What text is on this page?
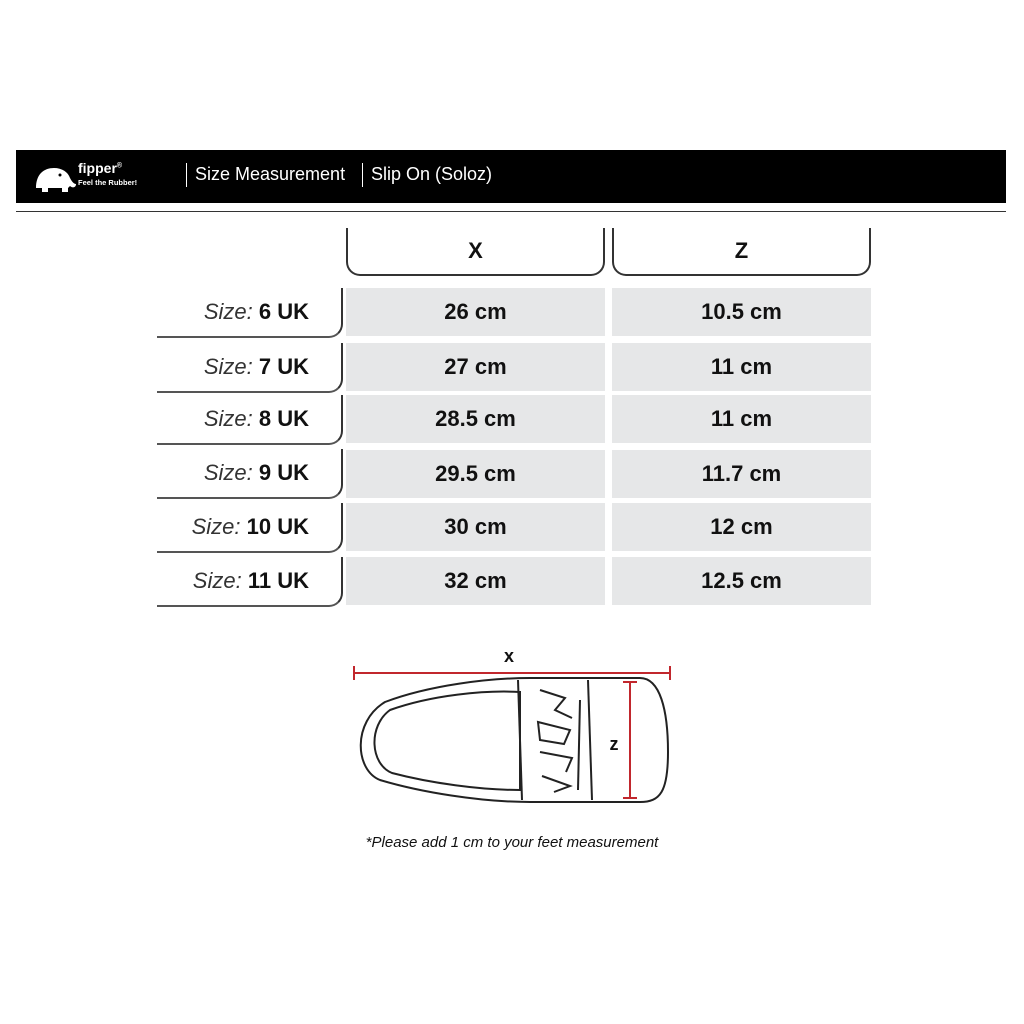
fipper®
Feel the Rubber!	Size Measurement Slip On (Soloz)
X	Z
Size: 6 UK	26 cm	10.5 cm
Size: 7 UK	27 cm	11 cm
Size: 8 UK	28.5 cm	11 cm
Size: 9 UK	29.5 cm	11.7 cm
Size: 10 UK	30 cm	12 cm
Size: 11 UK	32 cm	12.5 cm
x
z
*Please add 1 cm to your feet measurement
